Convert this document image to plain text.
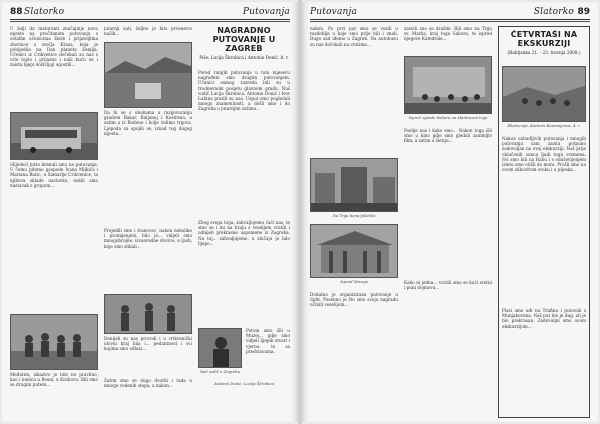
88 Slatorko	Putovanja
U želji da maturanti značajnije novo mjesto na pročitanom putovanju s ostalim učenicima škole i prijateljima zbornice s otočja Krasa, koja je pobijedila na Dan planeta Zemlja. Učenici iz Crikvenice dočekali su nas s vrlo toplo i prijazno i naši kuću su i zaista lijepi doživljaji ugostili...
Slijedeći jutro krenuli smo na putovanje. U čemu pitomo gospode Ivana Mlikića i Mariana Baric, u Šamarije Crikvenice, ta njihova sklade nastavku, sedili smo nastavak s grupom...
Međutim, iskazivo je bilo ne pravilno, kao i bonica u Bosni, u Krabovu. Bili smo se drugim putem...
jutarnji sati, željno je bilo prvenstvo naših...
Da bi se s obukama u razgovaranju gradom Bakar, Baljanoj i Kostrena, a zatim a iz Bodone i bolje vidimo trgova. Ljepoda su spojili se, iznad tog dugog mjesta...
Projedili smo i Ivanovec, nakon nekoliko i promijenjeni, bilo je... vidjeli smo mnogobrojne, izvanredne dvorce, a ljudi, koje smo slikali...
Donijeli su nas provodi i u crikvenički ulovni kraj bila i... pedantnost i svi kojima smo odlazi...
Zatim smo se dugo dvorili i tada u mnogo vodenih stopa, a nakon...
NAGRADNO
PUTOVANJE U ZAGREB
Piše: Lucija Škrobica i Antonio Donić, 8. r.
Pored ranijih putovanja u tom mjesecu nagrađeni smo drugim putovanjem. Učenici osmog razreda bili su u trodnevnom posjetu glavnom gradu. Naš vodič Lucija Škrobica, Antonio Donić i Ivor Lubina pratili su nas. Usput smo pogledali mnogo znamenitosti, a došli smo i do Zagreba u jutarnjim satima...
Zbog svega toga, zahvaljujemo ćaći nas, te smo se i mi na kraju s veseljem vratili i odnijeli prekrasne uspomene iz Zagreba. Na toj... zahvaljujemo, u slučaju je bilo lijepo...
Potom smo išli u Muzej... gdje smo vidjeli lijepih stvari i vjerno, te sa predstavama.
Naš vodič u Zagrebu
Antonio Donić, Lucija Škrobica
Putovanja	Slatorko 89
nakon. Po prvi put smo se vozili u razdoblje u koje smo prije bili i znali. Dugo sad idemo u Zagreb. Na autobusu su nas dočekali na vratima...
Na Trgu bana Jelačića
Ispred Muzeja
Dodatno je organizirana putovanje u Split. Posebno je što smo svoju nagradu učinili veselijom...
zasvili sno se dražim. Bili smo na Trgu sv. Marka, kraj toga Sabora, te ispred njegove Katedrale...
Ispred zgrade Sabora na Markovom trgu
Poslije nas i kako smo... Nakon toga išli smo u kino gdje smo gledali zanimljiv film, a zatim u šetnju...
Kako ni jedna... vratili smo se kući sretni i puni dojmova...
ČETVRTAŠI NA
EKSKURZIJI
(Rabljanka 21. - 23. travnja 2008.)
Ekskurzija, Karmen Kunmayrova, 4. r.
Nakon uzbudljivih putovanja i mnogih putovanja sam zaista potpuno zadovoljan na ovoj ekskurziji. Naš prije oblačenih sunca ljudi toga vremena. Svi smo bili na Rabu i s oduševljenjem izletu smo otišli do mora. Prošli smo na ovom slikovitom otoku i u pijeska...
Plavi smo uđi na Trafinu i putovali s Munjakovima. Naš put bio je dug, ali je bio prekrasan. Zadovoljni smo ovom ekskurzijom...
